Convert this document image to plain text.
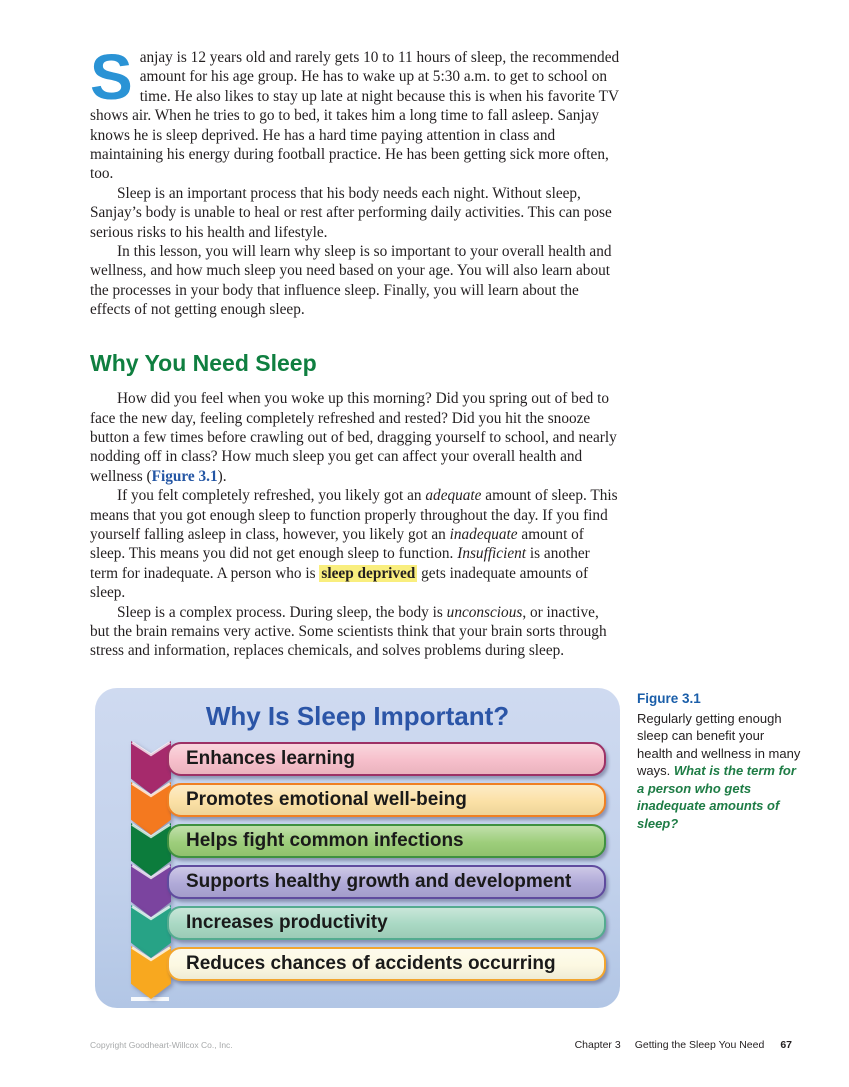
S anjay is 12 years old and rarely gets 10 to 11 hours of sleep, the recommended amount for his age group. He has to wake up at 5:30 a.m. to get to school on time. He also likes to stay up late at night because this is when his favorite TV shows air. When he tries to go to bed, it takes him a long time to fall asleep. Sanjay knows he is sleep deprived. He has a hard time paying attention in class and maintaining his energy during football practice. He has been getting sick more often, too.

Sleep is an important process that his body needs each night. Without sleep, Sanjay’s body is unable to heal or rest after performing daily activities. This can pose serious risks to his health and lifestyle.

In this lesson, you will learn why sleep is so important to your overall health and wellness, and how much sleep you need based on your age. You will also learn about the processes in your body that influence sleep. Finally, you will learn about the effects of not getting enough sleep.

Why You Need Sleep

How did you feel when you woke up this morning? Did you spring out of bed to face the new day, feeling completely refreshed and rested? Did you hit the snooze button a few times before crawling out of bed, dragging yourself to school, and nearly nodding off in class? How much sleep you get can affect your overall health and wellness (Figure 3.1).

If you felt completely refreshed, you likely got an adequate amount of sleep. This means that you got enough sleep to function properly throughout the day. If you find yourself falling asleep in class, however, you likely got an inadequate amount of sleep. This means you did not get enough sleep to function. Insufficient is another term for inadequate. A person who is sleep deprived gets inadequate amounts of sleep.

Sleep is a complex process. During sleep, the body is unconscious, or inactive, but the brain remains very active. Some scientists think that your brain sorts through stress and information, replaces chemicals, and solves problems during sleep.

Why Is Sleep Important?
Enhances learning
Promotes emotional well-being
Helps fight common infections
Supports healthy growth and development
Increases productivity
Reduces chances of accidents occurring
Figure 3.1
Regularly getting enough sleep can benefit your health and wellness in many ways. What is the term for a person who gets inadequate amounts of sleep?
Copyright Goodheart-Willcox Co., Inc.	Chapter 3 Getting the Sleep You Need 67
